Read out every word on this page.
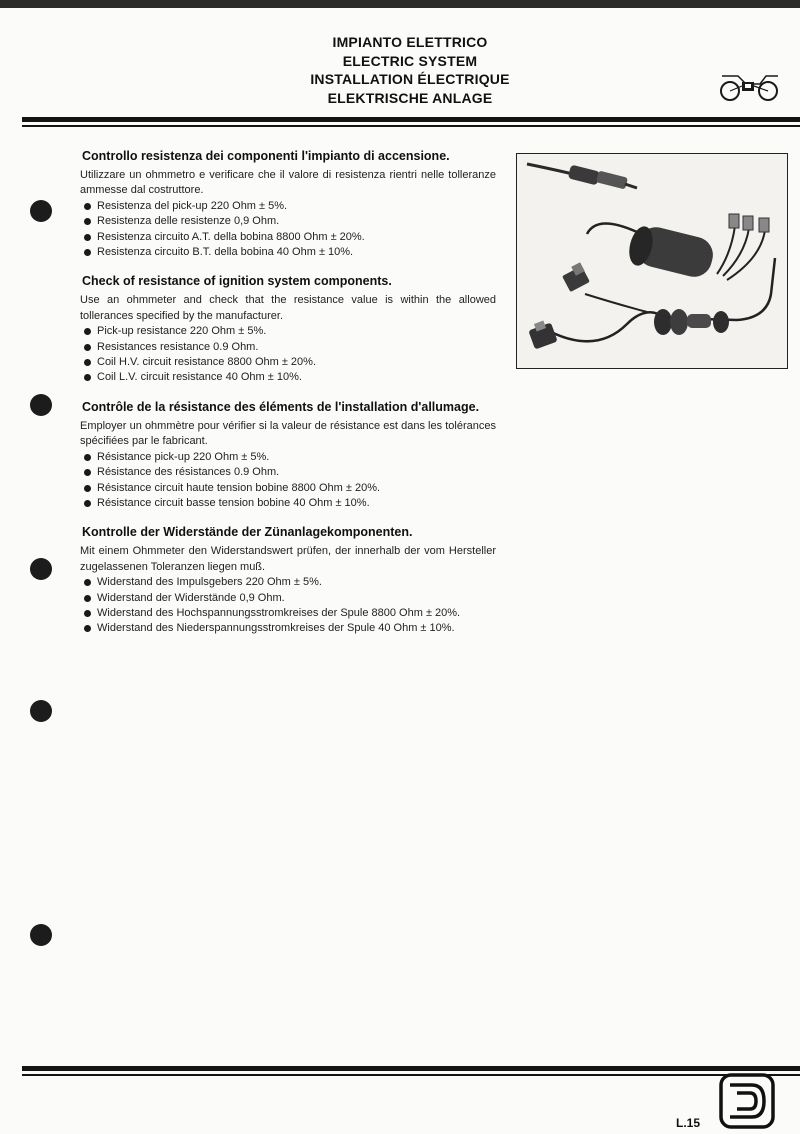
IMPIANTO ELETTRICO
ELECTRIC SYSTEM
INSTALLATION ÉLECTRIQUE
ELEKTRISCHE ANLAGE
Controllo resistenza dei componenti l'impianto di accensione.

Utilizzare un ohmmetro e verificare che il valore di resistenza rientri nelle tolleranze ammesse dal costruttore.

Resistenza del pick-up 220 Ohm ± 5%.
Resistenza delle resistenze 0,9 Ohm.
Resistenza circuito A.T. della bobina 8800 Ohm ± 20%.
Resistenza circuito B.T. della bobina 40 Ohm ± 10%.
Check of resistance of ignition system components.

Use an ohmmeter and check that the resistance value is within the allowed tollerances specified by the manufacturer.

Pick-up resistance 220 Ohm ± 5%.
Resistances resistance 0.9 Ohm.
Coil H.V. circuit resistance 8800 Ohm ± 20%.
Coil L.V. circuit resistance 40 Ohm ± 10%.
Contrôle de la résistance des éléments de l'installation d'allumage.

Employer un ohmmètre pour vérifier si la valeur de résistance est dans les tolérances spécifiées par le fabricant.

Résistance pick-up 220 Ohm ± 5%.
Résistance des résistances 0.9 Ohm.
Résistance circuit haute tension bobine 8800 Ohm ± 20%.
Résistance circuit basse tension bobine 40 Ohm ± 10%.
Kontrolle der Widerstände der Zünanlagekomponenten.

Mit einem Ohmmeter den Widerstandswert prüfen, der innerhalb der vom Hersteller zugelassenen Toleranzen liegen muß.

Widerstand des Impulsgebers 220 Ohm ± 5%.
Widerstand der Widerstände 0,9 Ohm.
Widerstand des Hochspannungsstromkreises der Spule 8800 Ohm ± 20%.
Widerstand des Niederspannungsstromkreises der Spule 40 Ohm ± 10%.
L.15
